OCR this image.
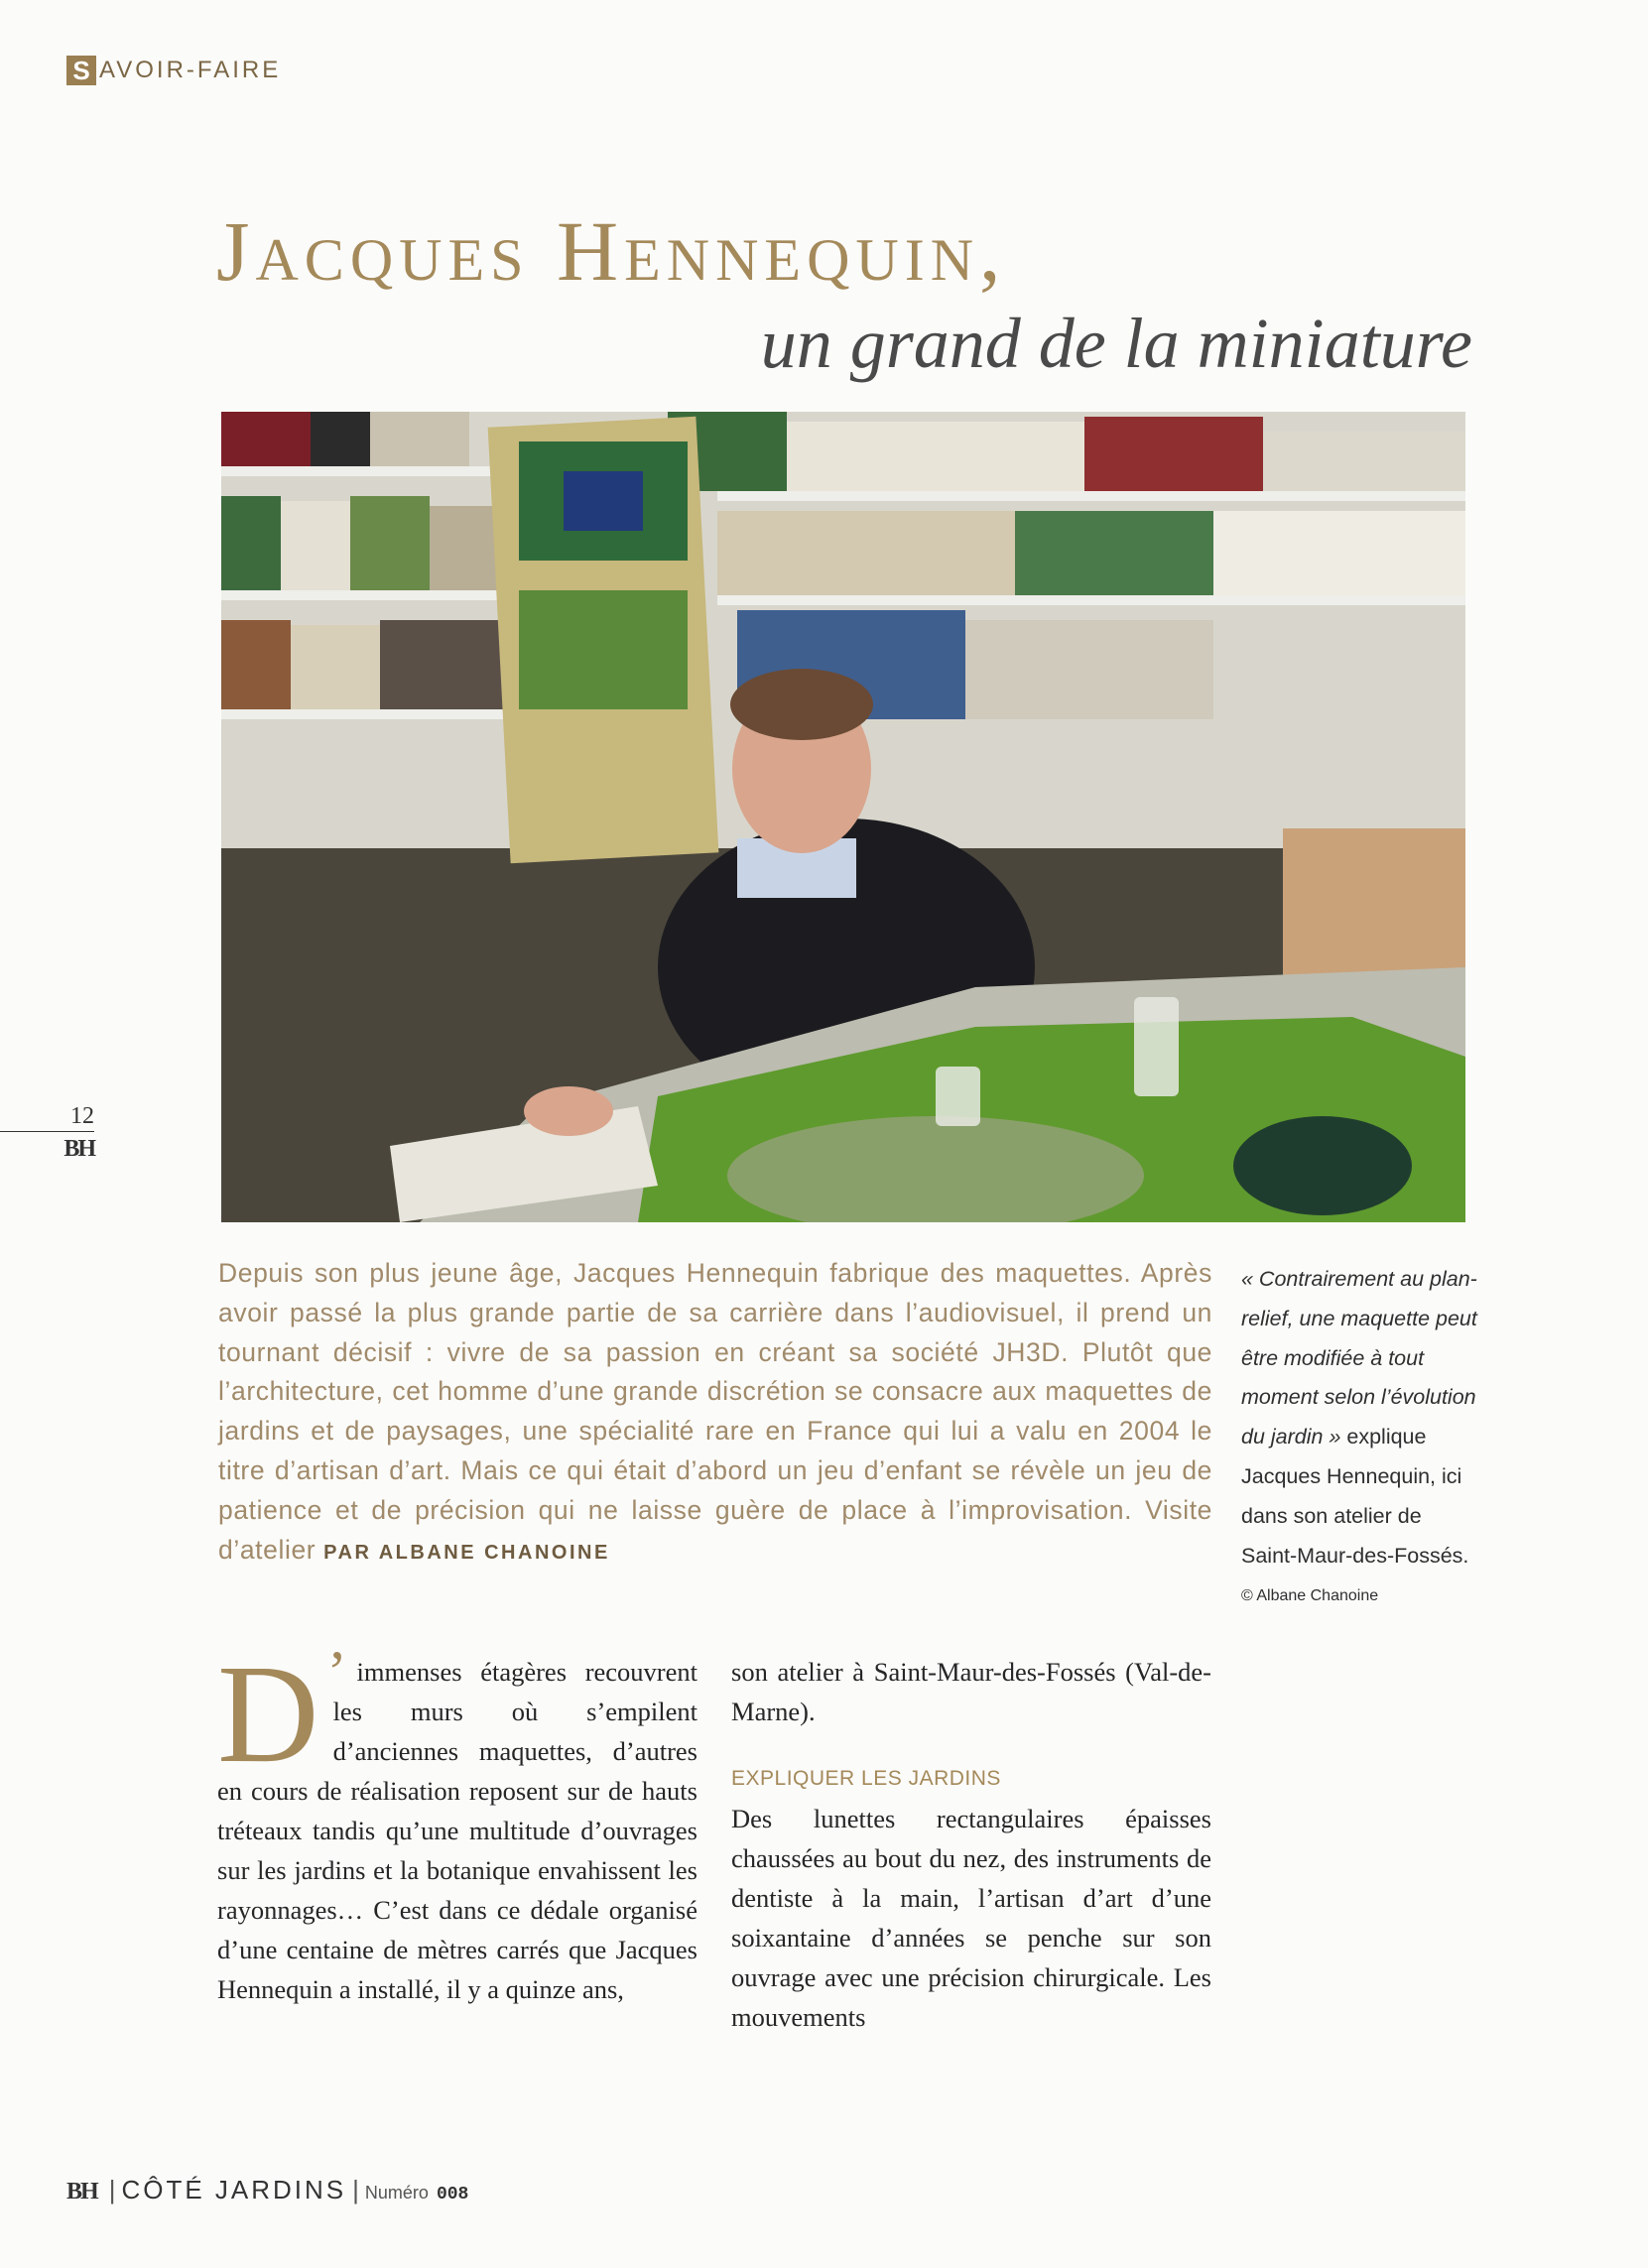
S AVOIR-FAIRE
Jacques Hennequin,
un grand de la miniature
12
BH
Depuis son plus jeune âge, Jacques Hennequin fabrique des maquettes. Après avoir passé la plus grande partie de sa carrière dans l’audiovisuel, il prend un tournant décisif : vivre de sa passion en créant sa société JH3D. Plutôt que l’architecture, cet homme d’une grande discrétion se consacre aux maquettes de jardins et de paysages, une spécialité rare en France qui lui a valu en 2004 le titre d’artisan d’art. Mais ce qui était d’abord un jeu d’enfant se révèle un jeu de patience et de précision qui ne laisse guère de place à l’improvisation. Visite d’atelier PAR ALBANE CHANOINE
« Contrairement au plan-relief, une maquette peut être modifiée à tout moment selon l’évolution du jardin » explique Jacques Hennequin, ici dans son atelier de Saint-Maur-des-Fossés.
© Albane Chanoine
D ’ immenses étagères recouvrent les murs où s’empilent d’anciennes maquettes, d’autres en cours de réalisation reposent sur de hauts tréteaux tandis qu’une multitude d’ouvrages sur les jardins et la botanique envahissent les rayonnages… C’est dans ce dédale organisé d’une centaine de mètres carrés que Jacques Hennequin a installé, il y a quinze ans,
son atelier à Saint-Maur-des-Fossés (Val-de-Marne).
EXPLIQUER LES JARDINS
Des lunettes rectangulaires épaisses chaussées au bout du nez, des instruments de dentiste à la main, l’artisan d’art d’une soixantaine d’années se penche sur son ouvrage avec une précision chirurgicale. Les mouvements
BH | CÔTÉ JARDINS | Numéro 008
